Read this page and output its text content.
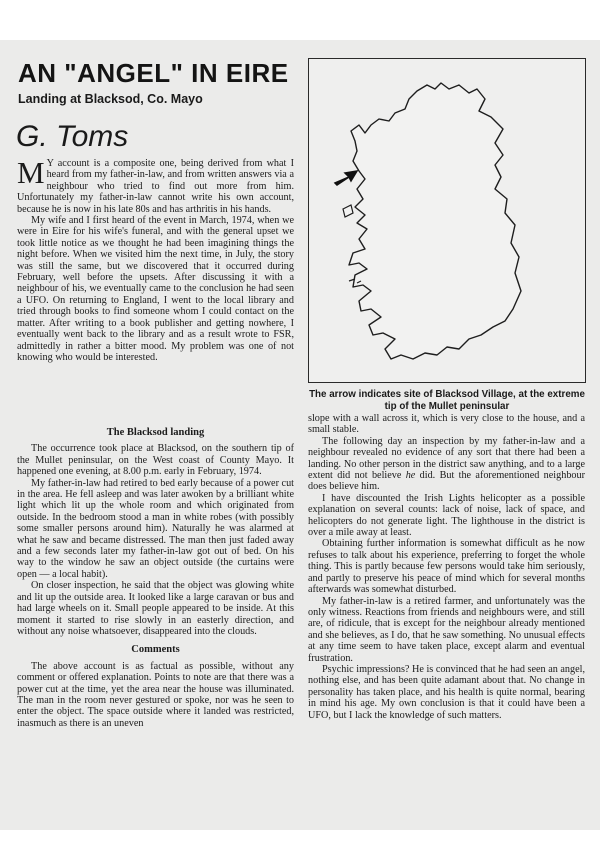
AN "ANGEL" IN EIRE
Landing at Blacksod, Co. Mayo
G. Toms

M Y account is a composite one, being derived from what I heard from my father-in-law, and from written answers via a neighbour who tried to find out more from him. Unfortunately my father-in-law cannot write his own account, because he is now in his late 80s and has arthritis in his hands.

My wife and I first heard of the event in March, 1974, when we were in Eire for his wife's funeral, and with the general upset we took little notice as we thought he had been imagining things the night before. When we visited him the next time, in July, the story was still the same, but we discovered that it occurred during February, well before the upsets. After discussing it with a neighbour of his, we eventually came to the conclusion he had seen a UFO. On returning to England, I went to the local library and tried through books to find someone whom I could contact on the matter. After writing to a book publisher and getting nowhere, I eventually went back to the library and as a result wrote to FSR, admittedly in rather a bitter mood. My problem was one of not knowing who would be interested.

The arrow indicates site of Blacksod Village, at the extreme tip of the Mullet peninsular
The Blacksod landing

The occurrence took place at Blacksod, on the southern tip of the Mullet peninsular, on the West coast of County Mayo. It happened one evening, at 8.00 p.m. early in February, 1974.

My father-in-law had retired to bed early because of a power cut in the area. He fell asleep and was later awoken by a brilliant white light which lit up the whole room and which originated from outside. In the bedroom stood a man in white robes (with possibly some smaller persons around him). Naturally he was alarmed at what he saw and became distressed. The man then just faded away and a few seconds later my father-in-law got out of bed. On his way to the window he saw an object outside (the curtains were open — a local habit).

On closer inspection, he said that the object was glowing white and lit up the outside area. It looked like a large caravan or bus and had large wheels on it. Small people appeared to be inside. At this moment it started to rise slowly in an easterly direction, and without any noise whatsoever, disappeared into the clouds.

Comments

The above account is as factual as possible, without any comment or offered explanation. Points to note are that there was a power cut at the time, yet the area near the house was illuminated. The man in the room never gestured or spoke, nor was he seen to enter the object. The space outside where it landed was restricted, inasmuch as there is an uneven

slope with a wall across it, which is very close to the house, and a small stable.

The following day an inspection by my father-in-law and a neighbour revealed no evidence of any sort that there had been a landing. No other person in the district saw anything, and to a large extent did not believe he did. But the aforementioned neighbour does believe him.

I have discounted the Irish Lights helicopter as a possible explanation on several counts: lack of noise, lack of space, and helicopters do not generate light. The lighthouse in the district is over a mile away at least.

Obtaining further information is somewhat difficult as he now refuses to talk about his experience, preferring to forget the whole thing. This is partly because few persons would take him seriously, and partly to preserve his peace of mind which for several months afterwards was somewhat disturbed.

My father-in-law is a retired farmer, and unfortunately was the only witness. Reactions from friends and neighbours were, and still are, of ridicule, that is except for the neighbour already mentioned and she believes, as I do, that he saw something. No unusual effects at any time seem to have taken place, except alarm and eventual frustration.

Psychic impressions? He is convinced that he had seen an angel, nothing else, and has been quite adamant about that. No change in personality has taken place, and his health is quite normal, bearing in mind his age. My own conclusion is that it could have been a UFO, but I lack the knowledge of such matters.
